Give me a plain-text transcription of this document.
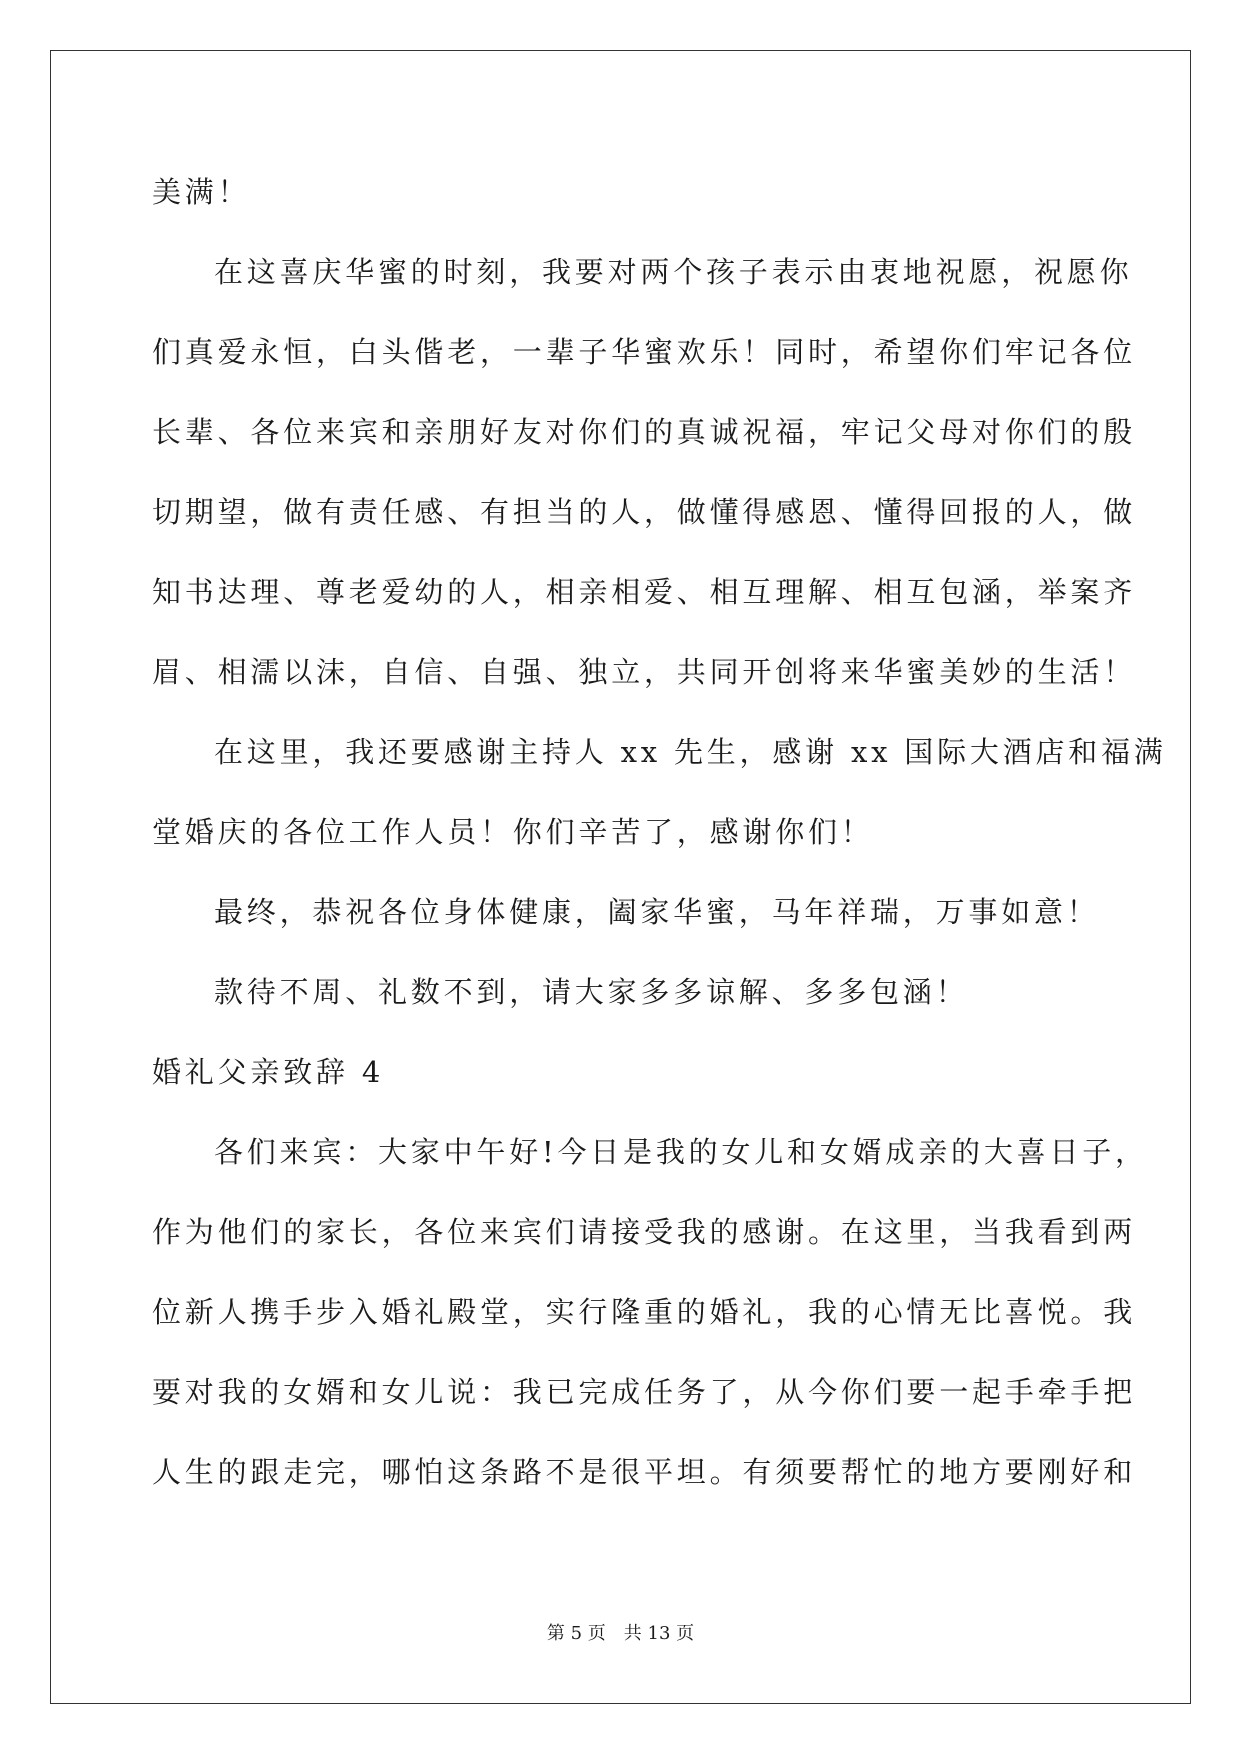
美满！
在这喜庆华蜜的时刻，我要对两个孩子表示由衷地祝愿，祝愿你
们真爱永恒，白头偕老，一辈子华蜜欢乐！同时，希望你们牢记各位
长辈、各位来宾和亲朋好友对你们的真诚祝福，牢记父母对你们的殷
切期望，做有责任感、有担当的人，做懂得感恩、懂得回报的人，做
知书达理、尊老爱幼的人，相亲相爱、相互理解、相互包涵，举案齐
眉、相濡以沫，自信、自强、独立，共同开创将来华蜜美妙的生活！
在这里，我还要感谢主持人 xx 先生，感谢 xx 国际大酒店和福满
堂婚庆的各位工作人员！你们辛苦了，感谢你们！
最终，恭祝各位身体健康，阖家华蜜，马年祥瑞，万事如意！
款待不周、礼数不到，请大家多多谅解、多多包涵！
婚礼父亲致辞 4
各们来宾：大家中午好!今日是我的女儿和女婿成亲的大喜日子，
作为他们的家长，各位来宾们请接受我的感谢。在这里，当我看到两
位新人携手步入婚礼殿堂，实行隆重的婚礼，我的心情无比喜悦。我
要对我的女婿和女儿说：我已完成任务了，从今你们要一起手牵手把
人生的跟走完，哪怕这条路不是很平坦。有须要帮忙的地方要刚好和
第 5 页　共 13 页
